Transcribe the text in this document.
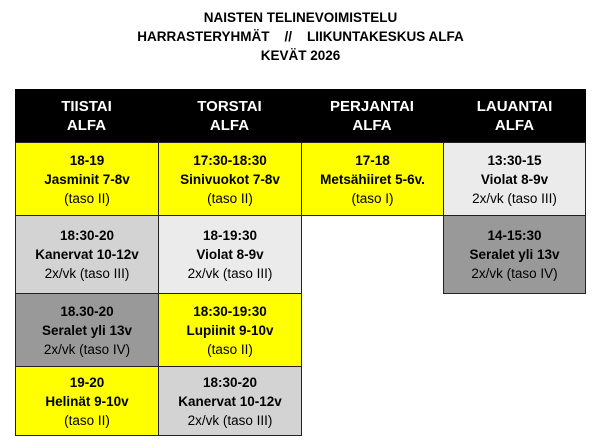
NAISTEN TELINEVOIMISTELU
HARRASTERYHMÄT    //    LIIKUNTAKESKUS ALFA
KEVÄT 2026
TIISTAI
ALFA
TORSTAI
ALFA
PERJANTAI
ALFA
LAUANTAI
ALFA
18-19
Jasminit 7-8v
(taso II)
18:30-20
Kanervat 10-12v
2x/vk (taso III)
18.30-20
Seralet yli 13v
2x/vk (taso IV)
19-20
Helinät 9-10v
(taso II)
17:30-18:30
Sinivuokot 7-8v
(taso II)
18-19:30
Violat 8-9v
2x/vk (taso III)
18:30-19:30
Lupiinit 9-10v
(taso II)
18:30-20
Kanervat 10-12v
2x/vk (taso III)
17-18
Metsähiiret 5-6v.
(taso I)
13:30-15
Violat 8-9v
2x/vk (taso III)
14-15:30
Seralet yli 13v
2x/vk (taso IV)
